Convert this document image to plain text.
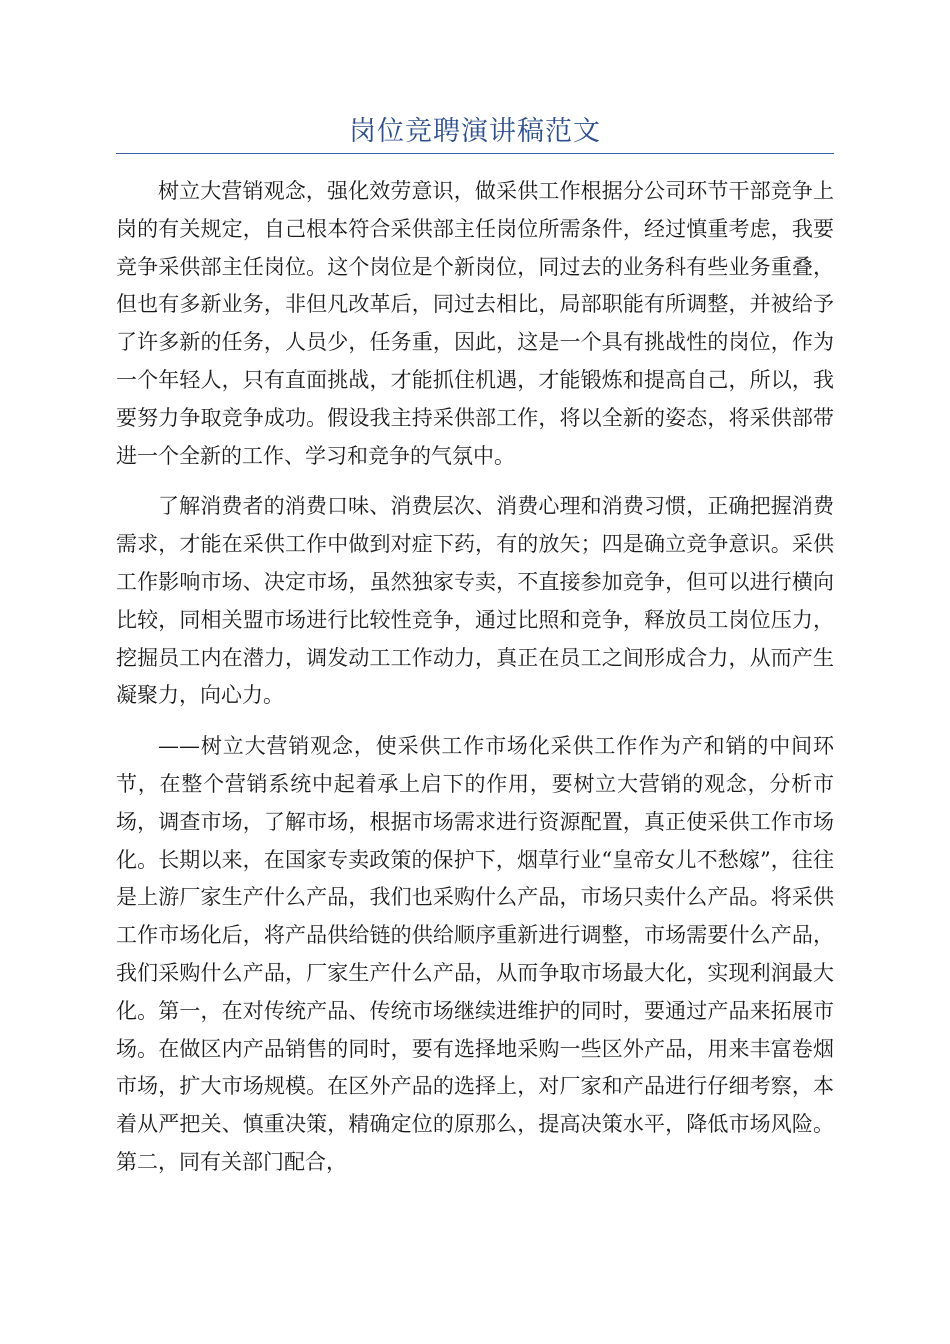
岗位竞聘演讲稿范文

树立大营销观念，强化效劳意识，做采供工作根据分公司环节干部竞争上岗的有关规定，自己根本符合采供部主任岗位所需条件，经过慎重考虑，我要竞争采供部主任岗位。这个岗位是个新岗位，同过去的业务科有些业务重叠，但也有多新业务，非但凡改革后，同过去相比，局部职能有所调整，并被给予了许多新的任务，人员少，任务重，因此，这是一个具有挑战性的岗位，作为一个年轻人，只有直面挑战，才能抓住机遇，才能锻炼和提高自己，所以，我要努力争取竞争成功。假设我主持采供部工作，将以全新的姿态，将采供部带进一个全新的工作、学习和竞争的气氛中。

了解消费者的消费口味、消费层次、消费心理和消费习惯，正确把握消费需求，才能在采供工作中做到对症下药，有的放矢；四是确立竞争意识。采供工作影响市场、决定市场，虽然独家专卖，不直接参加竞争，但可以进行横向比较，同相关盟市场进行比较性竞争，通过比照和竞争，释放员工岗位压力，挖掘员工内在潜力，调发动工工作动力，真正在员工之间形成合力，从而产生凝聚力，向心力。

——树立大营销观念，使采供工作市场化采供工作作为产和销的中间环节，在整个营销系统中起着承上启下的作用，要树立大营销的观念，分析市场，调查市场，了解市场，根据市场需求进行资源配置，真正使采供工作市场化。长期以来，在国家专卖政策的保护下，烟草行业“皇帝女儿不愁嫁”，往往是上游厂家生产什么产品，我们也采购什么产品，市场只卖什么产品。将采供工作市场化后，将产品供给链的供给顺序重新进行调整，市场需要什么产品，我们采购什么产品，厂家生产什么产品，从而争取市场最大化，实现利润最大化。第一，在对传统产品、传统市场继续进维护的同时，要通过产品来拓展市场。在做区内产品销售的同时，要有选择地采购一些区外产品，用来丰富卷烟市场，扩大市场规模。在区外产品的选择上，对厂家和产品进行仔细考察，本着从严把关、慎重决策，精确定位的原那么，提高决策水平，降低市场风险。第二，同有关部门配合，
